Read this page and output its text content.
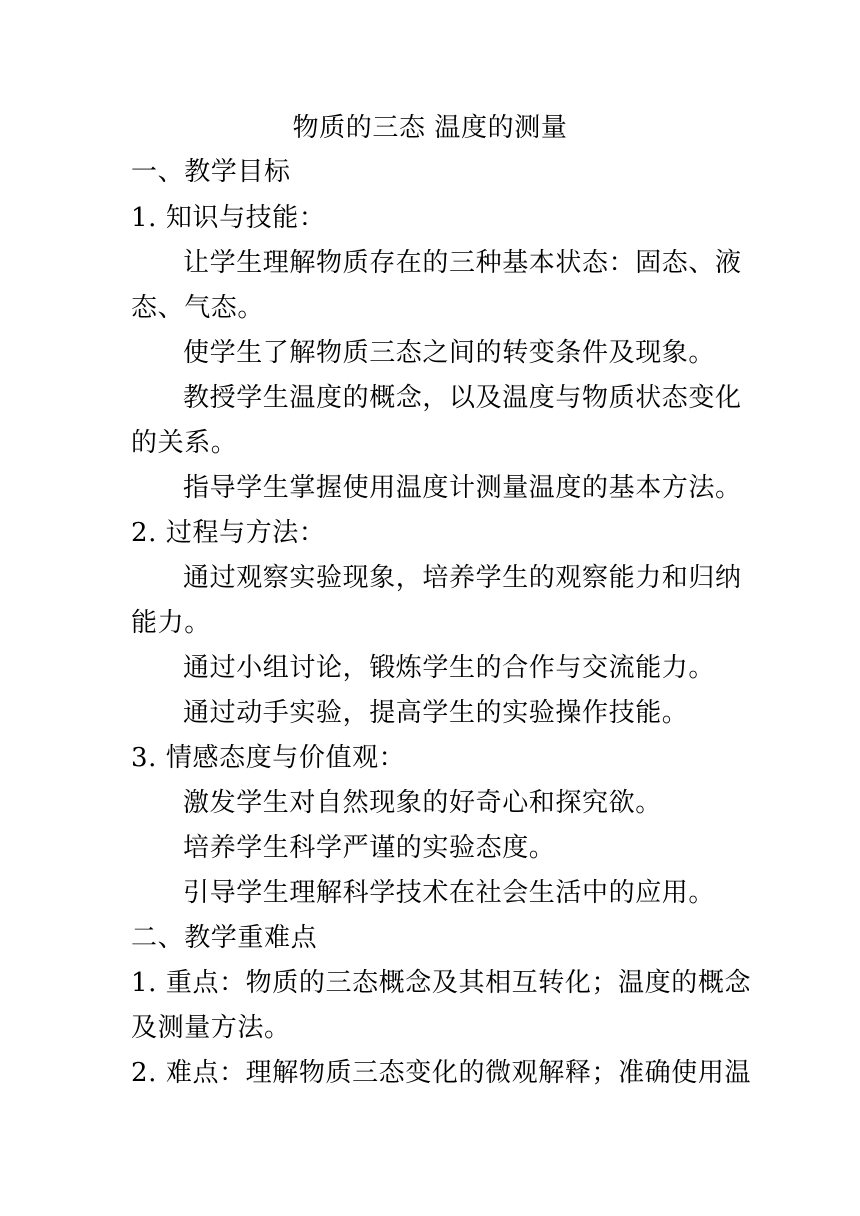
物质的三态 温度的测量
一、教学目标
1. 知识与技能：
让学生理解物质存在的三种基本状态：固态、液
态、气态。
使学生了解物质三态之间的转变条件及现象。
教授学生温度的概念，以及温度与物质状态变化
的关系。
指导学生掌握使用温度计测量温度的基本方法。
2. 过程与方法：
通过观察实验现象，培养学生的观察能力和归纳
能力。
通过小组讨论，锻炼学生的合作与交流能力。
通过动手实验，提高学生的实验操作技能。
3. 情感态度与价值观：
激发学生对自然现象的好奇心和探究欲。
培养学生科学严谨的实验态度。
引导学生理解科学技术在社会生活中的应用。
二、教学重难点
1. 重点：物质的三态概念及其相互转化；温度的概念
及测量方法。
2. 难点：理解物质三态变化的微观解释；准确使用温
